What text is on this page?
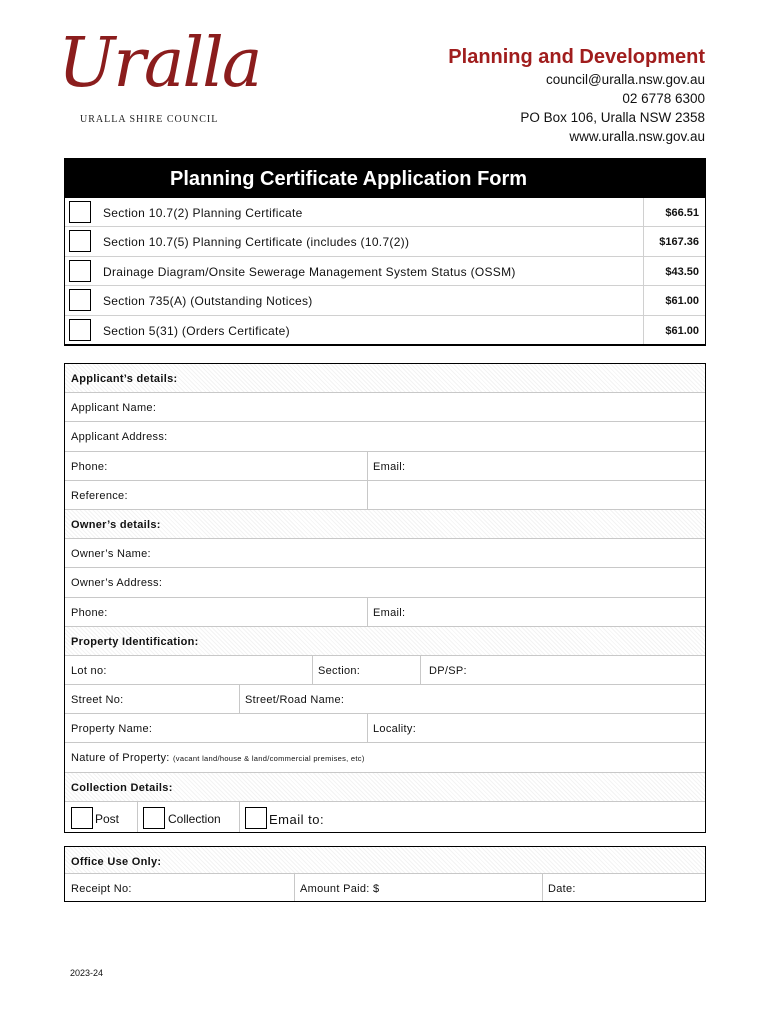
Uralla
URALLA SHIRE COUNCIL
Planning and Development
council@uralla.nsw.gov.au
02 6778 6300
PO Box 106, Uralla NSW 2358
www.uralla.nsw.gov.au
Planning Certificate Application Form
Section 10.7(2) Planning Certificate	$66.51
Section 10.7(5) Planning Certificate (includes (10.7(2))	$167.36
Drainage Diagram/Onsite Sewerage Management System Status (OSSM)	$43.50
Section 735(A) (Outstanding Notices)	$61.00
Section 5(31) (Orders Certificate)	$61.00
Applicant’s details:
Applicant Name:
Applicant Address:
Phone:	Email:
Reference:
Owner’s details:
Owner’s Name:
Owner’s Address:
Phone:	Email:
Property Identification:
Lot no:	Section:	DP/SP:
Street No:	Street/Road Name:
Property Name:	Locality:
Nature of Property: (vacant land/house & land/commercial premises, etc)
Collection Details:
Post	Collection	Email to:
Office Use Only:
Receipt No:	Amount Paid: $	Date:
2023-24
